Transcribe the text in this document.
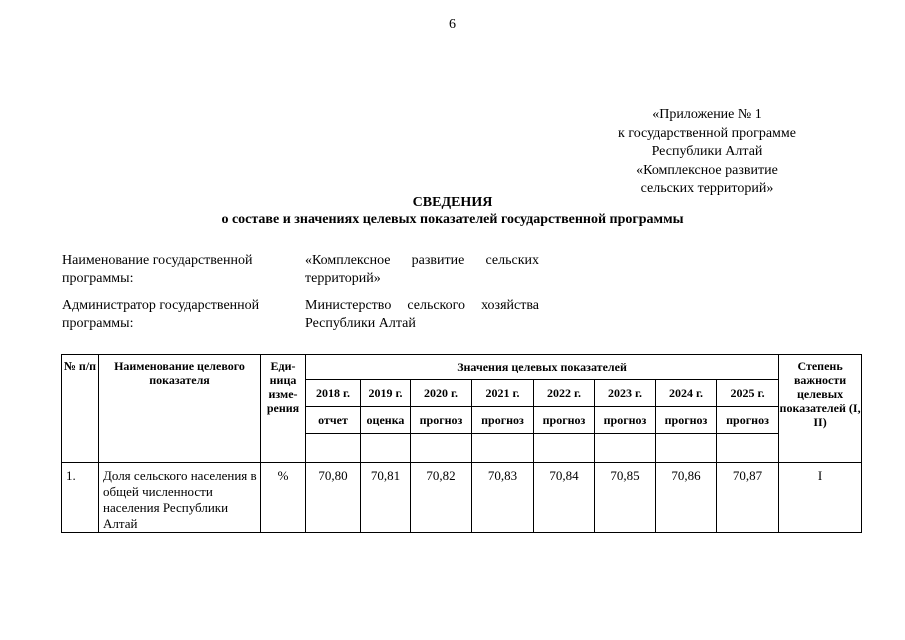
6
«Приложение № 1
к государственной программе
Республики Алтай
«Комплексное развитие
сельских территорий»
СВЕДЕНИЯ
о составе и значениях целевых показателей государственной программы
Наименование государственной
программы:
«Комплексное развитие сельских
территорий»
Администратор государственной
программы:
Министерство сельского хозяйства
Республики Алтай
№ п/п	Наименование целевого показателя	Еди-ница изме-рения	Значения целевых показателей								Степень важности целевых показателей (I, II)
			2018 г.	2019 г.	2020 г.	2021 г.	2022 г.	2023 г.	2024 г.	2025 г.	
			отчет	оценка	прогноз	прогноз	прогноз	прогноз	прогноз	прогноз	

1.	Доля сельского населения в общей численности населения Республики Алтай	%	70,80	70,81	70,82	70,83	70,84	70,85	70,86	70,87	I
